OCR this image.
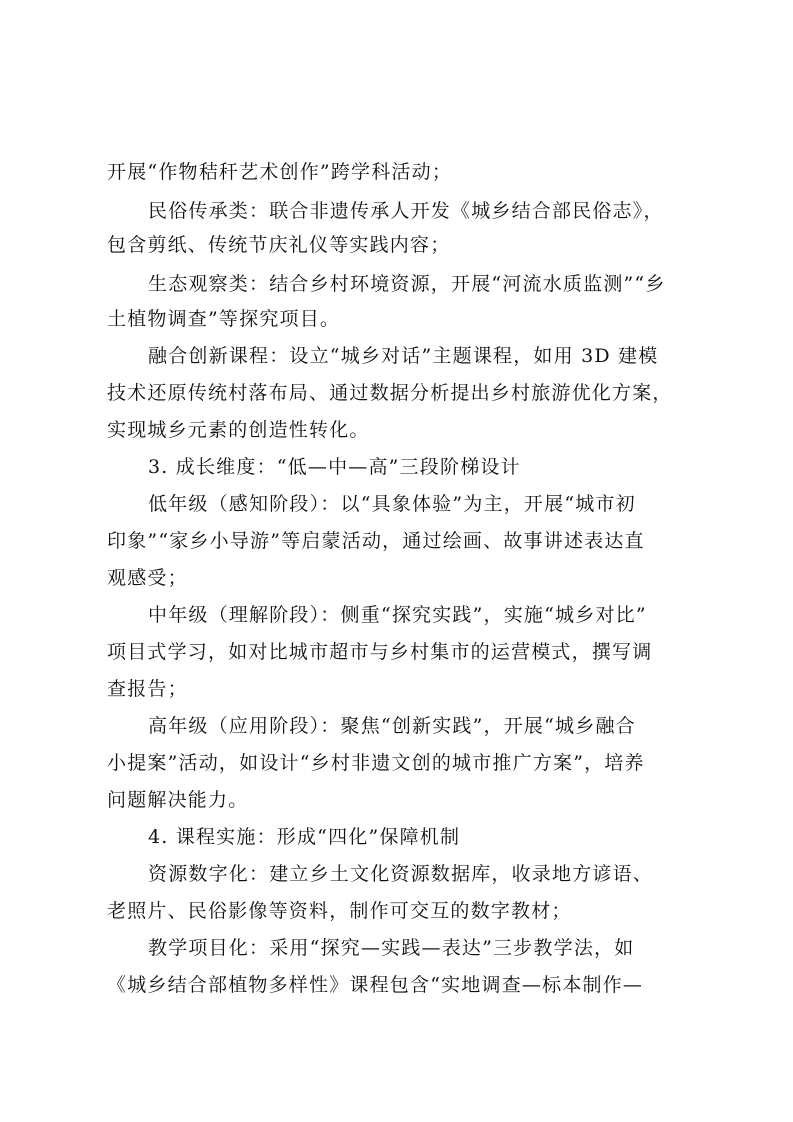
开展“作物秸秆艺术创作”跨学科活动；
民俗传承类：联合非遗传承人开发《城乡结合部民俗志》，
包含剪纸、传统节庆礼仪等实践内容；
生态观察类：结合乡村环境资源，开展“河流水质监测”“乡
土植物调查”等探究项目。
融合创新课程：设立“城乡对话”主题课程，如用 3D 建模
技术还原传统村落布局、通过数据分析提出乡村旅游优化方案，
实现城乡元素的创造性转化。
3. 成长维度：“低—中—高”三段阶梯设计
低年级（感知阶段）：以“具象体验”为主，开展“城市初
印象”“家乡小导游”等启蒙活动，通过绘画、故事讲述表达直
观感受；
中年级（理解阶段）：侧重“探究实践”，实施“城乡对比”
项目式学习，如对比城市超市与乡村集市的运营模式，撰写调
查报告；
高年级（应用阶段）：聚焦“创新实践”，开展“城乡融合
小提案”活动，如设计“乡村非遗文创的城市推广方案”，培养
问题解决能力。
4. 课程实施：形成“四化”保障机制
资源数字化：建立乡土文化资源数据库，收录地方谚语、
老照片、民俗影像等资料，制作可交互的数字教材；
教学项目化：采用“探究—实践—表达”三步教学法，如
《城乡结合部植物多样性》课程包含“实地调查—标本制作—
